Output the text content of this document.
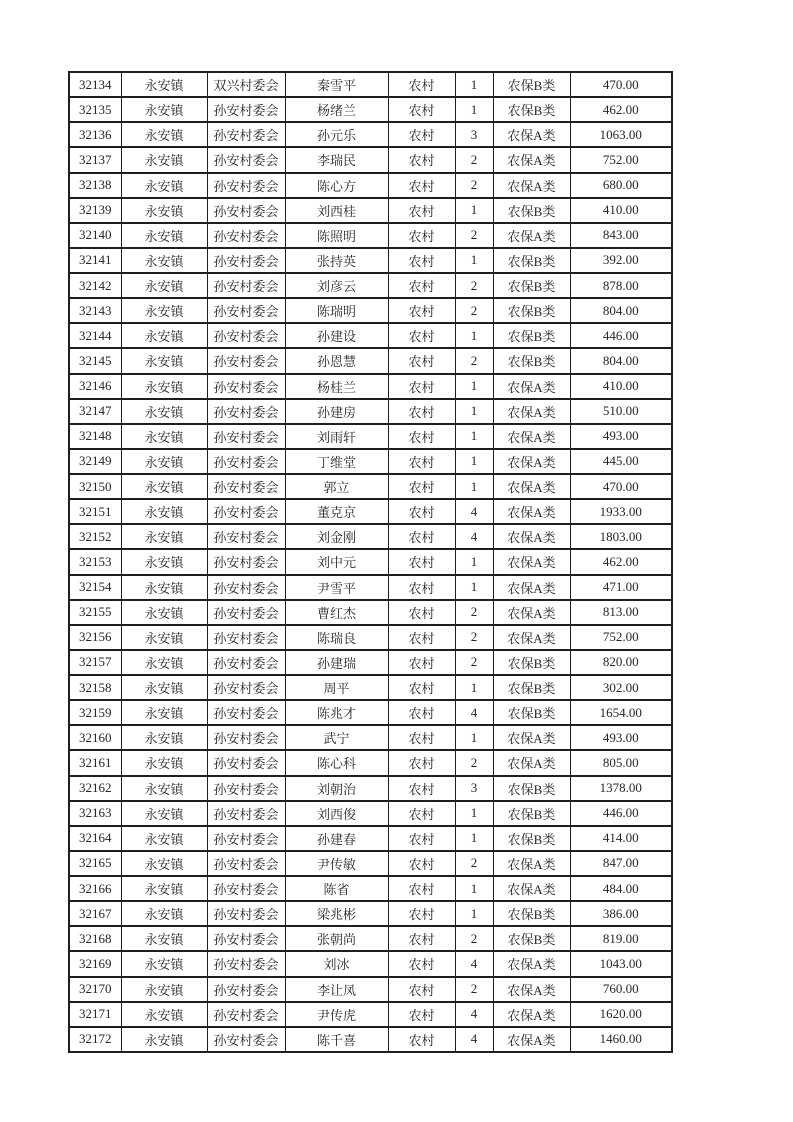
32134	永安镇	双兴村委会	秦雪平	农村	1	农保B类	470.00
32135	永安镇	孙安村委会	杨绪兰	农村	1	农保B类	462.00
32136	永安镇	孙安村委会	孙元乐	农村	3	农保A类	1063.00
32137	永安镇	孙安村委会	李瑞民	农村	2	农保A类	752.00
32138	永安镇	孙安村委会	陈心方	农村	2	农保A类	680.00
32139	永安镇	孙安村委会	刘西桂	农村	1	农保B类	410.00
32140	永安镇	孙安村委会	陈照明	农村	2	农保A类	843.00
32141	永安镇	孙安村委会	张持英	农村	1	农保B类	392.00
32142	永安镇	孙安村委会	刘彦云	农村	2	农保B类	878.00
32143	永安镇	孙安村委会	陈瑞明	农村	2	农保B类	804.00
32144	永安镇	孙安村委会	孙建设	农村	1	农保B类	446.00
32145	永安镇	孙安村委会	孙恩慧	农村	2	农保B类	804.00
32146	永安镇	孙安村委会	杨桂兰	农村	1	农保A类	410.00
32147	永安镇	孙安村委会	孙建房	农村	1	农保A类	510.00
32148	永安镇	孙安村委会	刘雨轩	农村	1	农保A类	493.00
32149	永安镇	孙安村委会	丁维堂	农村	1	农保A类	445.00
32150	永安镇	孙安村委会	郭立	农村	1	农保A类	470.00
32151	永安镇	孙安村委会	董克京	农村	4	农保A类	1933.00
32152	永安镇	孙安村委会	刘金刚	农村	4	农保A类	1803.00
32153	永安镇	孙安村委会	刘中元	农村	1	农保A类	462.00
32154	永安镇	孙安村委会	尹雪平	农村	1	农保A类	471.00
32155	永安镇	孙安村委会	曹红杰	农村	2	农保A类	813.00
32156	永安镇	孙安村委会	陈瑞良	农村	2	农保A类	752.00
32157	永安镇	孙安村委会	孙建瑞	农村	2	农保B类	820.00
32158	永安镇	孙安村委会	周平	农村	1	农保B类	302.00
32159	永安镇	孙安村委会	陈兆才	农村	4	农保B类	1654.00
32160	永安镇	孙安村委会	武宁	农村	1	农保A类	493.00
32161	永安镇	孙安村委会	陈心科	农村	2	农保A类	805.00
32162	永安镇	孙安村委会	刘朝治	农村	3	农保B类	1378.00
32163	永安镇	孙安村委会	刘西俊	农村	1	农保B类	446.00
32164	永安镇	孙安村委会	孙建春	农村	1	农保B类	414.00
32165	永安镇	孙安村委会	尹传敏	农村	2	农保A类	847.00
32166	永安镇	孙安村委会	陈省	农村	1	农保A类	484.00
32167	永安镇	孙安村委会	梁兆彬	农村	1	农保B类	386.00
32168	永安镇	孙安村委会	张朝尚	农村	2	农保B类	819.00
32169	永安镇	孙安村委会	刘冰	农村	4	农保A类	1043.00
32170	永安镇	孙安村委会	李让凤	农村	2	农保A类	760.00
32171	永安镇	孙安村委会	尹传虎	农村	4	农保A类	1620.00
32172	永安镇	孙安村委会	陈千喜	农村	4	农保A类	1460.00
